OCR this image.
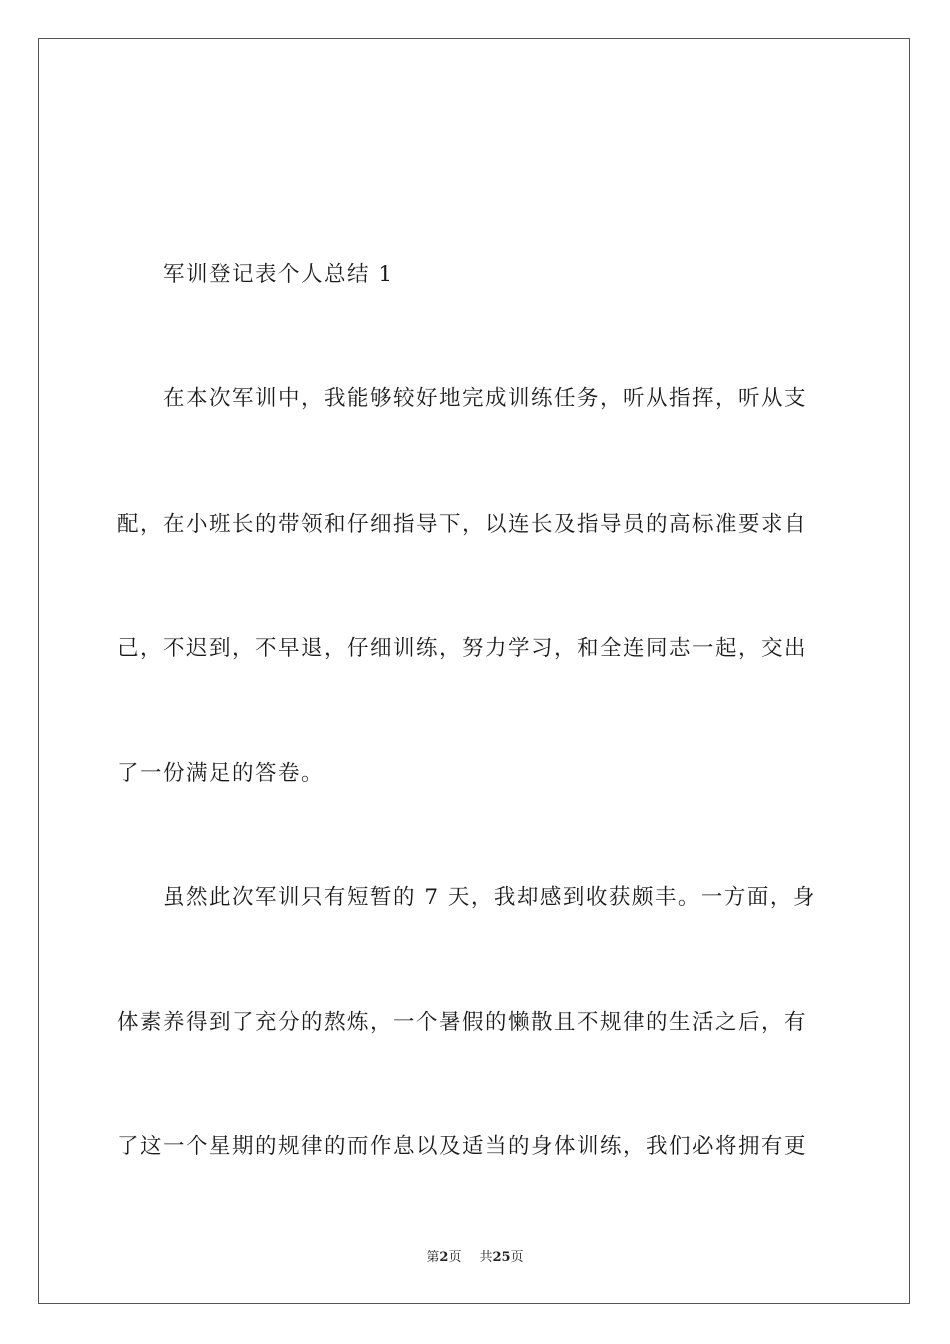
军训登记表个人总结 1
在本次军训中，我能够较好地完成训练任务，听从指挥，听从支
配，在小班长的带领和仔细指导下，以连长及指导员的高标准要求自
己，不迟到，不早退，仔细训练，努力学习，和全连同志一起，交出
了一份满足的答卷。
虽然此次军训只有短暂的 7 天，我却感到收获颇丰。一方面，身
体素养得到了充分的熬炼，一个暑假的懒散且不规律的生活之后，有
了这一个星期的规律的而作息以及适当的身体训练，我们必将拥有更
第2页 共25页
